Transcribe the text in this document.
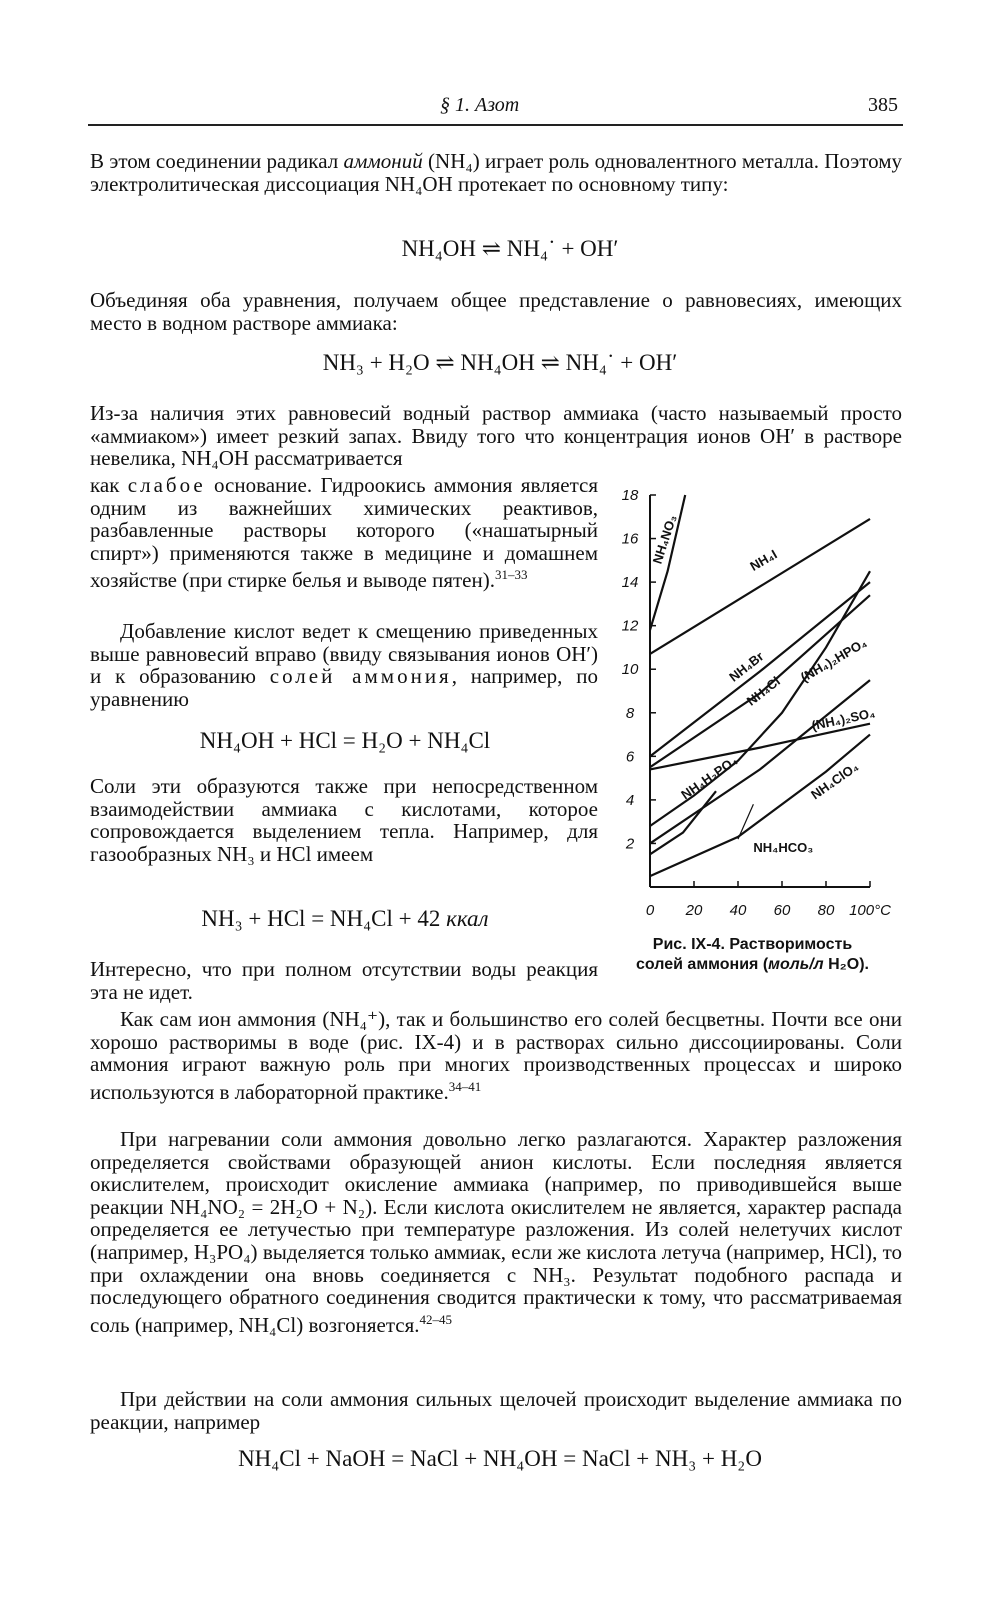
§ 1. Азот	385
В этом соединении радикал аммоний (NH₄) играет роль одновалентного металла. Поэтому электролитическая диссоциация NH₄OH протекает по основному типу:
NH₄OH ⇌ NH₄˙ + OH′
Объединяя оба уравнения, получаем общее представление о равновесиях, имеющих место в водном растворе аммиака:
NH₃ + H₂O ⇌ NH₄OH ⇌ NH₄˙ + OH′
Из-за наличия этих равновесий водный раствор аммиака (часто называемый просто «аммиаком») имеет резкий запах. Ввиду того что концентрация ионов OH′ в растворе невелика, NH₄OH рассматривается
как слабое основание. Гидроокись аммония является одним из важнейших химических реактивов, разбавленные растворы которого («нашатырный спирт») применяются также в медицине и домашнем хозяйстве (при стирке белья и выводе пятен).$^{31-33}$
Добавление кислот ведет к смещению приведенных выше равновесий вправо (ввиду связывания ионов OH′) и к образованию солей аммония, например, по уравнению
NH₄OH + HCl = H₂O + NH₄Cl
Соли эти образуются также при непосредственном взаимодействии аммиака с кислотами, которое сопровождается выделением тепла. Например, для газообразных NH₃ и HCl имеем
NH₃ + HCl = NH₄Cl + 42 ккал
Интересно, что при полном отсутствии воды реакция эта не идет.
2
4
6
8
10
12
14
16
18
0 20 40 60 80 100°C
NH₄NO₃	NH₄I
NH₄Br
NH₄Cl
(NH₄)₂HPO₄
(NH₄)₂SO₄
NH₄H₂PO₄	NH₄ClO₄
NH₄HCO₃
Рис. IX-4. Растворимость
солей аммония (моль/л H₂O).
Как сам ион аммония (NH₄⁺), так и большинство его солей бесцветны. Почти все они хорошо растворимы в воде (рис. IX-4) и в растворах сильно диссоциированы. Соли аммония играют важную роль при многих производственных процессах и широко используются в лабораторной практике.$^{34-41}$
При нагревании соли аммония довольно легко разлагаются. Характер разложения определяется свойствами образующей анион кислоты. Если последняя является окислителем, происходит окисление аммиака (например, по приводившейся выше реакции NH₄NO₂ = 2H₂O + N₂). Если кислота окислителем не является, характер распада определяется ее летучестью при температуре разложения. Из солей нелетучих кислот (например, H₃PO₄) выделяется только аммиак, если же кислота летуча (например, HCl), то при охлаждении она вновь соединяется с NH₃. Результат подобного распада и последующего обратного соединения сводится практически к тому, что рассматриваемая соль (например, NH₄Cl) возгоняется.$^{42-45}$
При действии на соли аммония сильных щелочей происходит выделение аммиака по реакции, например
NH₄Cl + NaOH = NaCl + NH₄OH = NaCl + NH₃ + H₂O
